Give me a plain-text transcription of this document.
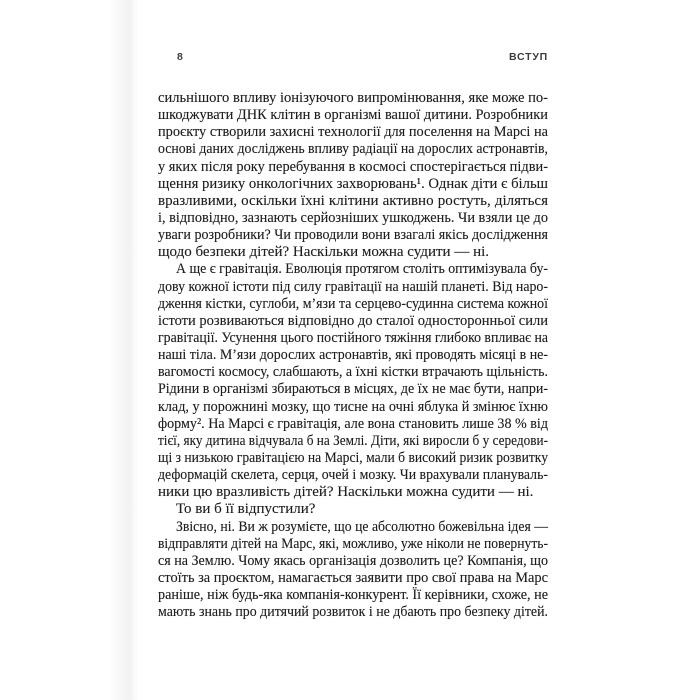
8	ВСТУП
сильнішого впливу іонізуючого випромінювання, яке може по-
шкоджувати ДНК клітин в організмі вашої дитини. Розробники
проєкту створили захисні технології для поселення на Марсі на
основі даних досліджень впливу радіації на дорослих астронавтів,
у яких після року перебування в космосі спостерігається підви-
щення ризику онкологічних захворювань¹. Однак діти є більш
вразливими, оскільки їхні клітини активно ростуть, діляться
і, відповідно, зазнають серйозніших ушкоджень. Чи взяли це до
уваги розробники? Чи проводили вони взагалі якісь дослідження
щодо безпеки дітей? Наскільки можна судити — ні.
А ще є гравітація. Еволюція протягом століть оптимізувала бу-
дову кожної істоти під силу гравітації на нашій планеті. Від наро-
дження кістки, суглоби, м’язи та серцево-судинна система кожної
істоти розвиваються відповідно до сталої односторонньої сили
гравітації. Усунення цього постійного тяжіння глибоко впливає на
наші тіла. М’язи дорослих астронавтів, які проводять місяці в не-
вагомості космосу, слабшають, а їхні кістки втрачають щільність.
Рідини в організмі збираються в місцях, де їх не має бути, напри-
клад, у порожнині мозку, що тисне на очні яблука й змінює їхню
форму². На Марсі є гравітація, але вона становить лише 38 % від
тієї, яку дитина відчувала б на Землі. Діти, які виросли б у середови-
щі з низькою гравітацією на Марсі, мали б високий ризик розвитку
деформацій скелета, серця, очей і мозку. Чи врахували плануваль-
ники цю вразливість дітей? Наскільки можна судити — ні.
То ви б її відпустили?
Звісно, ні. Ви ж розумієте, що це абсолютно божевільна ідея —
відправляти дітей на Марс, які, можливо, уже ніколи не повернуть-
ся на Землю. Чому якась організація дозволить це? Компанія, що
стоїть за проєктом, намагається заявити про свої права на Марс
раніше, ніж будь-яка компанія-конкурент. Її керівники, схоже, не
мають знань про дитячий розвиток і не дбають про безпеку дітей.
